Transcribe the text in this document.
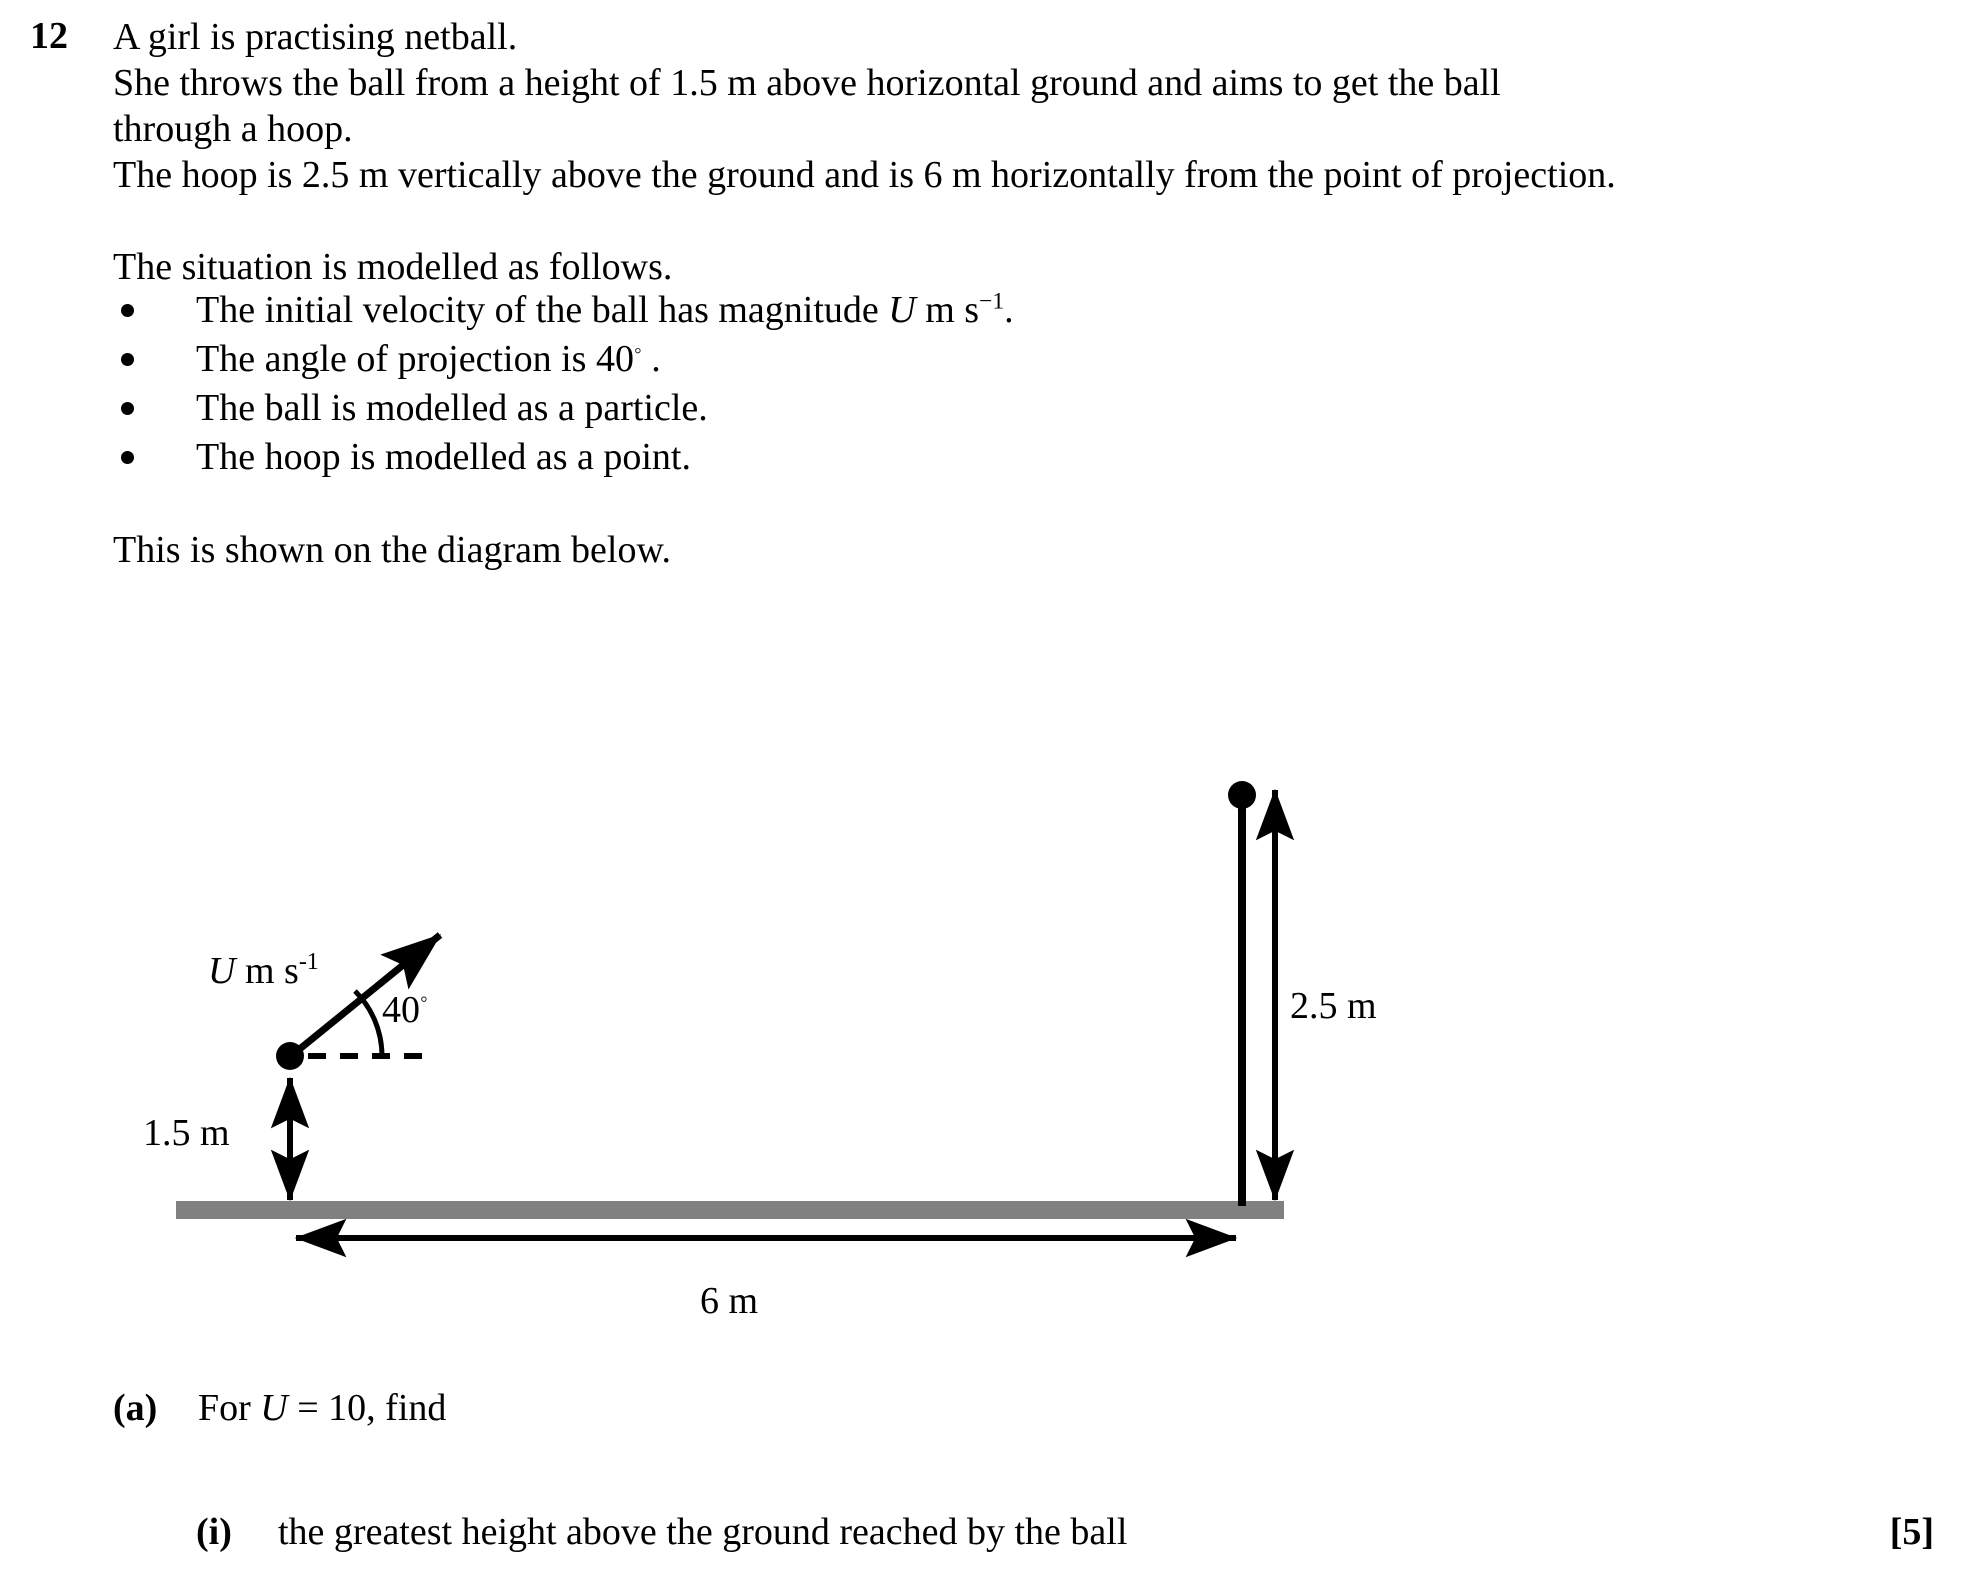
12 A girl is practising netball.
She throws the ball from a height of 1.5 m above horizontal ground and aims to get the ball through a hoop.
The hoop is 2.5 m vertically above the ground and is 6 m horizontally from the point of projection.
The situation is modelled as follows.
The initial velocity of the ball has magnitude U m $s^{-1}$.
The angle of projection is 40◦ .
The ball is modelled as a particle.
The hoop is modelled as a point.
This is shown on the diagram below.
U m $s^{-1}$
40◦
1.5 m
2.5 m
6 m
(a) For U = 10, find
(i) the greatest height above the ground reached by the ball	[5]
